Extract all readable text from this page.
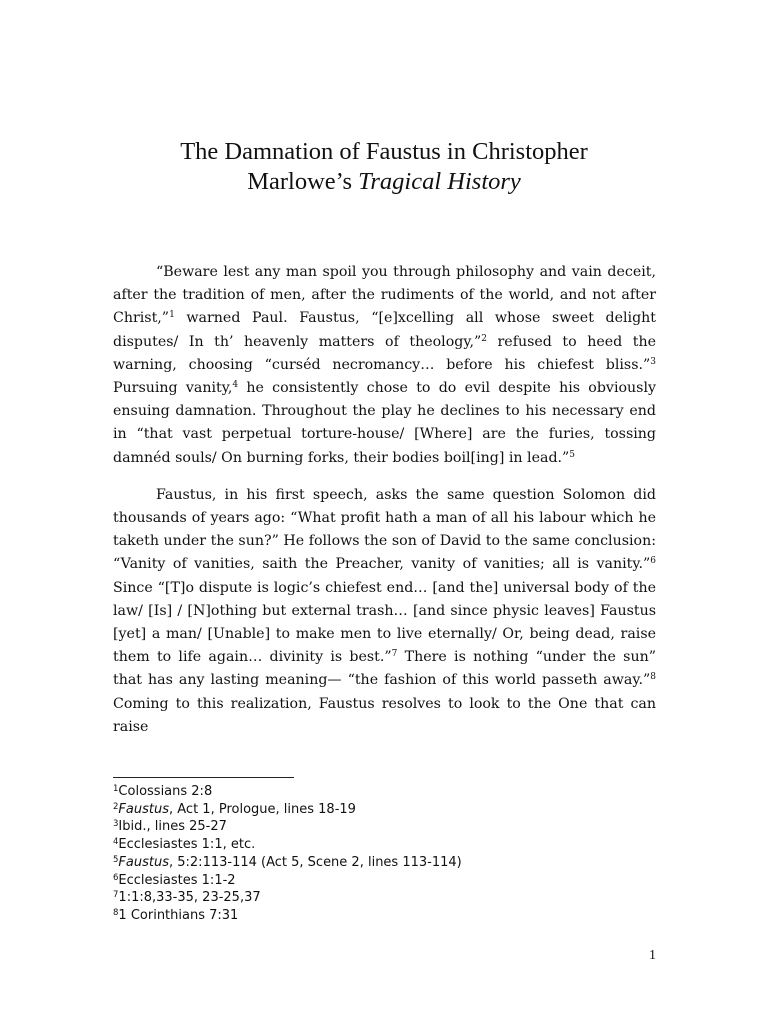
The Damnation of Faustus in Christopher
Marlowe’s Tragical History

“Beware lest any man spoil you through philosophy and vain deceit, after the tradition of men, after the rudiments of the world, and not after Christ,”$^1$ warned Paul. Faustus, “[e]xcelling all whose sweet delight disputes/ In th’ heavenly matters of theology,”$^2$ refused to heed the warning, choosing “curséd necromancy… before his chiefest bliss.”$^3$ Pursuing vanity,$^4$ he consistently chose to do evil despite his obviously ensuing damnation. Throughout the play he declines to his necessary end in “that vast perpetual torture-house/ [Where] are the furies, tossing damnéd souls/ On burning forks, their bodies boil[ing] in lead.”$^5$

Faustus, in his first speech, asks the same question Solomon did thousands of years ago: “What profit hath a man of all his labour which he taketh under the sun?” He follows the son of David to the same conclusion: “Vanity of vanities, saith the Preacher, vanity of vanities; all is vanity.”$^6$ Since “[T]o dispute is logic’s chiefest end… [and the] universal body of the law/ [Is] / [N]othing but external trash… [and since physic leaves] Faustus [yet] a man/ [Unable] to make men to live eternally/ Or, being dead, raise them to life again… divinity is best.”$^7$ There is nothing “under the sun” that has any lasting meaning— “the fashion of this world passeth away.”$^8$ Coming to this realization, Faustus resolves to look to the One that can raise

$^1$Colossians 2:8
$^2$Faustus, Act 1, Prologue, lines 18-19
$^3$Ibid., lines 25-27
$^4$Ecclesiastes 1:1, etc.
$^5$Faustus, 5:2:113-114 (Act 5, Scene 2, lines 113-114)
$^6$Ecclesiastes 1:1-2
$^7$1:1:8,33-35, 23-25,37
$^8$1 Corinthians 7:31
1
